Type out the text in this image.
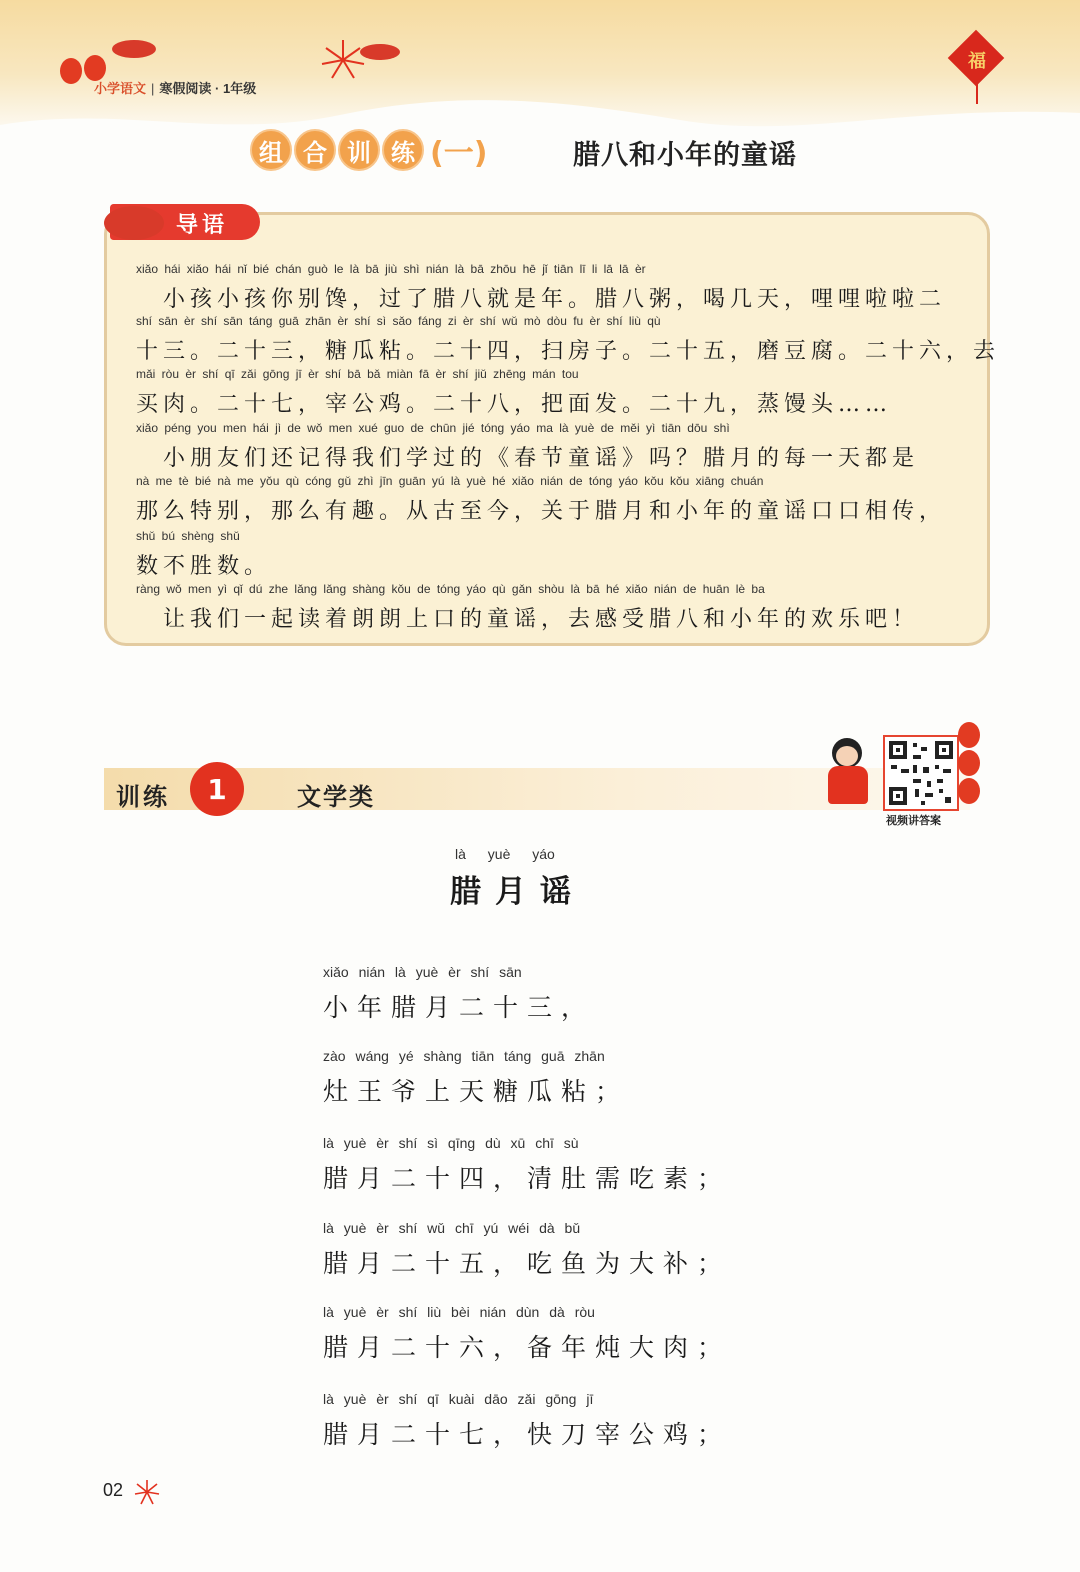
小学语文 | 寒假阅读 · 1年级
福
组 合 训 练 (一)	腊八和小年的童谣
导语
xiǎo hái xiǎo hái nǐ bié chán guò le là bā jiù shì nián là bā zhōu hē jǐ tiān lī li lā lā èr
　小孩小孩你别馋，过了腊八就是年。腊八粥，喝几天，哩哩啦啦二
shí sān èr shí sān táng guā zhān èr shí sì sǎo fáng zi èr shí wǔ mò dòu fu èr shí liù qù
十三。二十三，糖瓜粘。二十四，扫房子。二十五，磨豆腐。二十六，去
mǎi ròu èr shí qī zǎi gōng jī èr shí bā bǎ miàn fā èr shí jiǔ zhēng mán tou
买肉。二十七，宰公鸡。二十八，把面发。二十九，蒸馒头……
xiǎo péng you men hái jì de wǒ men xué guo de chūn jié tóng yáo ma là yuè de měi yì tiān dōu shì
　小朋友们还记得我们学过的《春节童谣》吗？腊月的每一天都是
nà me tè bié nà me yǒu qù cóng gǔ zhì jīn guān yú là yuè hé xiǎo nián de tóng yáo kǒu kǒu xiāng chuán
那么特别，那么有趣。从古至今，关于腊月和小年的童谣口口相传，
shǔ bú shèng shǔ
数不胜数。
ràng wǒ men yì qǐ dú zhe lǎng lǎng shàng kǒu de tóng yáo qù gǎn shòu là bā hé xiǎo nián de huān lè ba
　让我们一起读着朗朗上口的童谣，去感受腊八和小年的欢乐吧！
训练	1	文学类
视频讲答案
là yuè yáo
腊月谣
xiǎo nián là yuè èr shí sān
小年腊月二十三，
zào wáng yé shàng tiān táng guā zhān
灶王爷上天糖瓜粘；
là yuè èr shí sì qīng dù xū chī sù
腊月二十四，清肚需吃素；
là yuè èr shí wǔ chī yú wéi dà bǔ
腊月二十五，吃鱼为大补；
là yuè èr shí liù bèi nián dùn dà ròu
腊月二十六，备年炖大肉；
là yuè èr shí qī kuài dāo zǎi gōng jī
腊月二十七，快刀宰公鸡；
02
